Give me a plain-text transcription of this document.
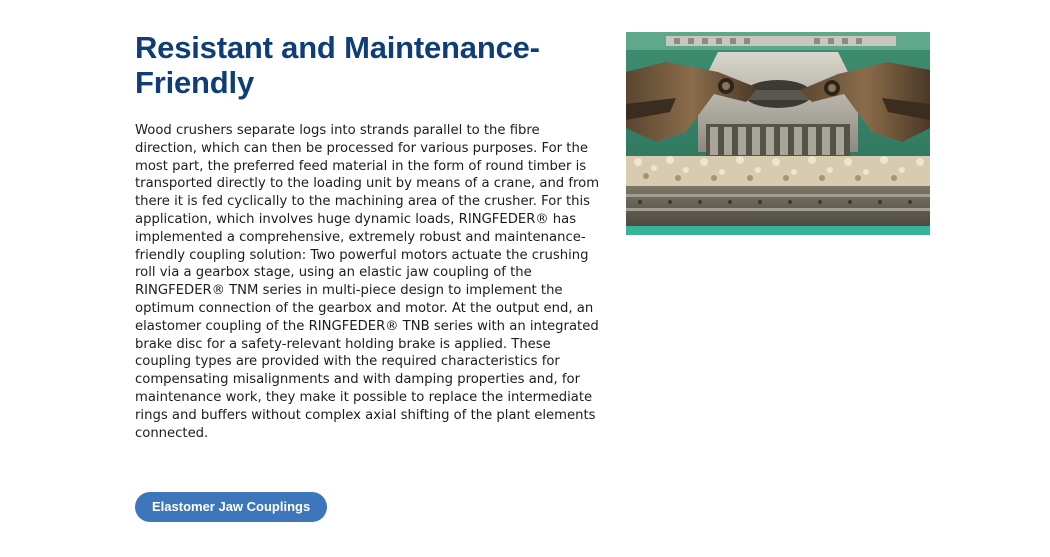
Resistant and Maintenance-Friendly

Wood crushers separate logs into strands parallel to the fibre direction, which can then be processed for various purposes. For the most part, the preferred feed material in the form of round timber is transported directly to the loading unit by means of a crane, and from there it is fed cyclically to the machining area of the crusher. For this application, which involves huge dynamic loads, RINGFEDER® has implemented a comprehensive, extremely robust and maintenance-friendly coupling solution: Two powerful motors actuate the crushing roll via a gearbox stage, using an elastic jaw coupling of the RINGFEDER® TNM series in multi-piece design to implement the optimum connection of the gearbox and motor. At the output end, an elastomer coupling of the RINGFEDER® TNB series with an integrated brake disc for a safety-relevant holding brake is applied. These coupling types are provided with the required characteristics for compensating misalignments and with damping properties and, for maintenance work, they make it possible to replace the intermediate rings and buffers without complex axial shifting of the plant elements connected.

Elastomer Jaw Couplings
